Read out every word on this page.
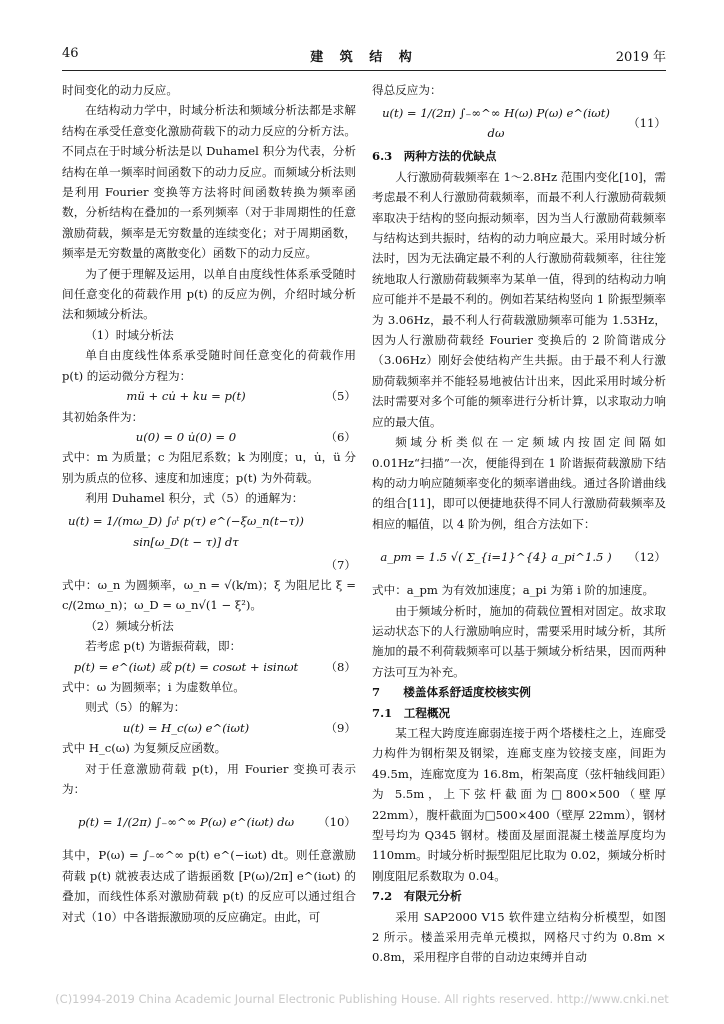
46	建 筑 结 构	2019 年

时间变化的动力反应。

在结构动力学中，时域分析法和频域分析法都是求解结构在承受任意变化激励荷载下的动力反应的分析方法。不同点在于时域分析法是以 Duhamel 积分为代表，分析结构在单一频率时间函数下的动力反应。而频域分析法则是利用 Fourier 变换等方法将时间函数转换为频率函数，分析结构在叠加的一系列频率（对于非周期性的任意激励荷载，频率是无穷数量的连续变化；对于周期函数，频率是无穷数量的离散变化）函数下的动力反应。

为了便于理解及运用，以单自由度线性体系承受随时间任意变化的荷载作用 p(t) 的反应为例，介绍时域分析法和频域分析法。

（1）时域分析法

单自由度线性体系承受随时间任意变化的荷载作用 p(t) 的运动微分方程为：

mü + cu̇ + ku = p(t)	（5）

其初始条件为：

u(0) = 0 u̇(0) = 0	（6）

式中：m 为质量；c 为阻尼系数；k 为刚度；u，u̇，ü 分别为质点的位移、速度和加速度；p(t) 为外荷载。

利用 Duhamel 积分，式（5）的通解为：

u(t) = 1/(mω_D) ∫₀ᵗ p(τ) e^(−ξω_n(t−τ)) sin[ω_D(t − τ)] dτ
（7）

式中：ω_n 为圆频率，ω_n = √(k/m)；ξ 为阻尼比 ξ = c/(2mω_n)；ω_D = ω_n√(1 − ξ²)。

（2）频域分析法

若考虑 p(t) 为谐振荷载，即：

p(t) = e^(iωt) 或 p(t) = cosωt + isinωt	（8）

式中：ω 为圆频率；i 为虚数单位。

则式（5）的解为：

u(t) = H_c(ω) e^(iωt)	（9）

式中 H_c(ω) 为复频反应函数。

对于任意激励荷载 p(t)，用 Fourier 变换可表示为：

p(t) = 1/(2π) ∫₋∞^∞ P(ω) e^(iωt) dω	（10）

其中，P(ω) = ∫₋∞^∞ p(t) e^(−iωt) dt。则任意激励荷载 p(t) 就被表达成了谐振函数 [P(ω)/2π] e^(iωt) 的叠加，而线性体系对激励荷载 p(t) 的反应可以通过组合对式（10）中各谐振激励项的反应确定。由此，可

得总反应为：

u(t) = 1/(2π) ∫₋∞^∞ H(ω) P(ω) e^(iωt) dω
（11）

6.3　两种方法的优缺点

人行激励荷载频率在 1～2.8Hz 范围内变化[10]，需考虑最不利人行激励荷载频率，而最不利人行激励荷载频率取决于结构的竖向振动频率，因为当人行激励荷载频率与结构达到共振时，结构的动力响应最大。采用时域分析法时，因为无法确定最不利的人行激励荷载频率，往往笼统地取人行激励荷载频率为某单一值，得到的结构动力响应可能并不是最不利的。例如若某结构竖向 1 阶振型频率为 3.06Hz，最不利人行荷载激励频率可能为 1.53Hz，因为人行激励荷载经 Fourier 变换后的 2 阶简谐成分（3.06Hz）刚好会使结构产生共振。由于最不利人行激励荷载频率并不能轻易地被估计出来，因此采用时域分析法时需要对多个可能的频率进行分析计算，以求取动力响应的最大值。

频域分析类似在一定频域内按固定间隔如 0.01Hz“扫描”一次，便能得到在 1 阶谐振荷载激励下结构的动力响应随频率变化的频率谱曲线。通过各阶谱曲线的组合[11]，即可以便捷地获得不同人行激励荷载频率及相应的幅值，以 4 阶为例，组合方法如下：

a_pm = 1.5 √( Σ_{i=1}^{4} a_pi^1.5 )	（12）

式中：a_pm 为有效加速度；a_pi 为第 i 阶的加速度。

由于频域分析时，施加的荷载位置相对固定。故求取运动状态下的人行激励响应时，需要采用时域分析，其所施加的最不利荷载频率可以基于频域分析结果，因而两种方法可互为补充。

7　　楼盖体系舒适度校核实例

7.1　工程概况

某工程大跨度连廊弱连接于两个塔楼柱之上，连廊受力构件为钢桁架及钢梁，连廊支座为铰接支座，间距为 49.5m，连廊宽度为 16.8m，桁架高度（弦杆轴线间距）为 5.5m，上下弦杆截面为□800×500（壁厚 22mm），腹杆截面为□500×400（壁厚 22mm），钢材型号均为 Q345 钢材。楼面及屋面混凝土楼盖厚度均为 110mm。时域分析时振型阻尼比取为 0.02，频域分析时刚度阻尼系数取为 0.04。

7.2　有限元分析

采用 SAP2000 V15 软件建立结构分析模型，如图 2 所示。楼盖采用壳单元模拟，网格尺寸约为 0.8m × 0.8m，采用程序自带的自动边束缚并自动

(C)1994-2019 China Academic Journal Electronic Publishing House. All rights reserved. http://www.cnki.net
